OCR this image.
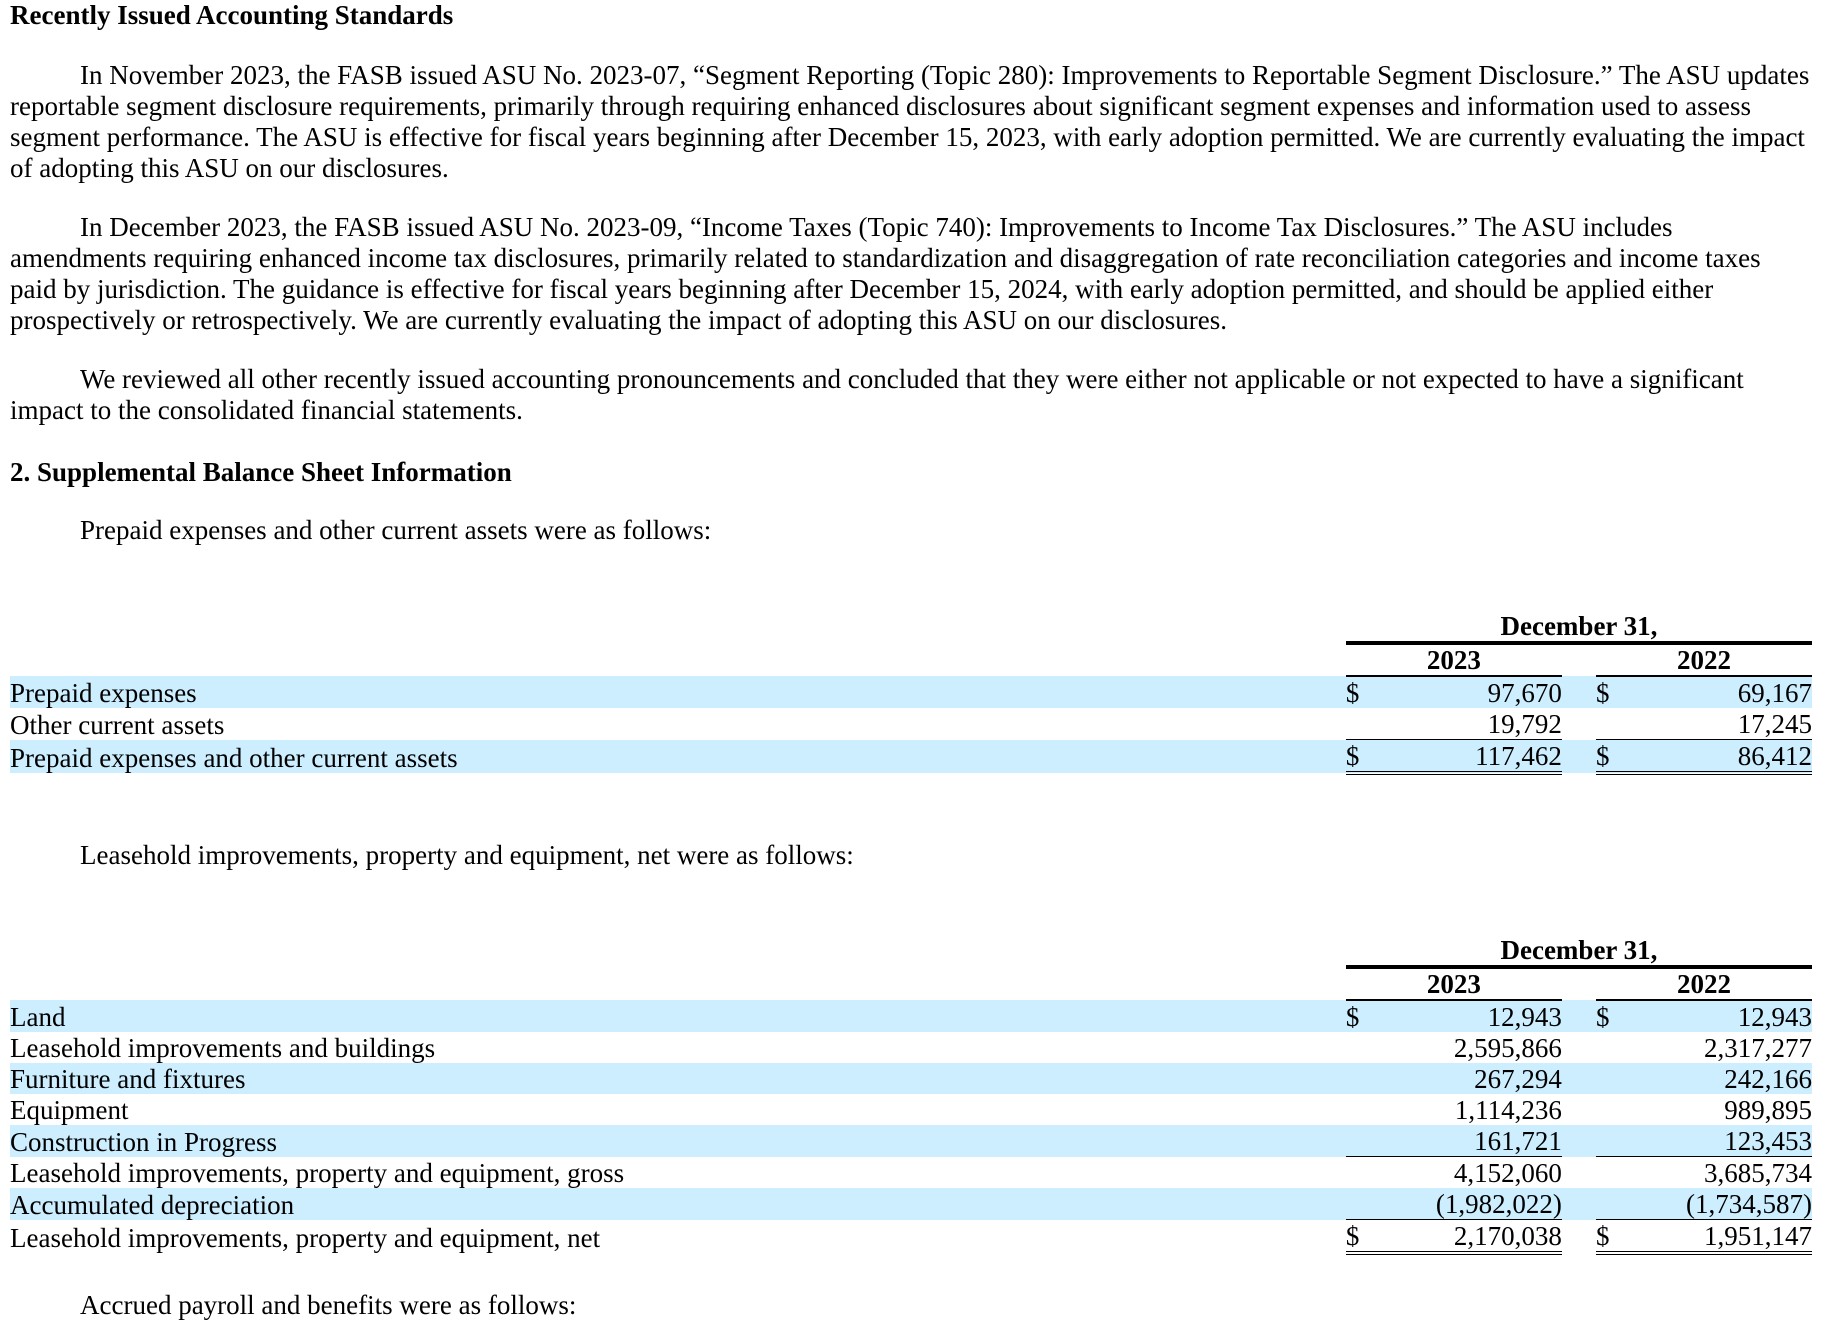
Recently Issued Accounting Standards

In November 2023, the FASB issued ASU No. 2023-07, “Segment Reporting (Topic 280): Improvements to Reportable Segment Disclosure.” The ASU updates reportable segment disclosure requirements, primarily through requiring enhanced disclosures about significant segment expenses and information used to assess segment performance. The ASU is effective for fiscal years beginning after December 15, 2023, with early adoption permitted. We are currently evaluating the impact of adopting this ASU on our disclosures.

In December 2023, the FASB issued ASU No. 2023-09, “Income Taxes (Topic 740): Improvements to Income Tax Disclosures.” The ASU includes amendments requiring enhanced income tax disclosures, primarily related to standardization and disaggregation of rate reconciliation categories and income taxes paid by jurisdiction. The guidance is effective for fiscal years beginning after December 15, 2024, with early adoption permitted, and should be applied either prospectively or retrospectively. We are currently evaluating the impact of adopting this ASU on our disclosures.

We reviewed all other recently issued accounting pronouncements and concluded that they were either not applicable or not expected to have a significant impact to the consolidated financial statements.

2. Supplemental Balance Sheet Information

Prepaid expenses and other current assets were as follows:

	December 31,				
	2023			2022	
Prepaid expenses	$	97,670		$	69,167
Other current assets		19,792			17,245
Prepaid expenses and other current assets	$	117,462		$	86,412

Leasehold improvements, property and equipment, net were as follows:

	December 31,				
	2023			2022	
Land	$	12,943		$	12,943
Leasehold improvements and buildings		2,595,866			2,317,277
Furniture and fixtures		267,294			242,166
Equipment		1,114,236			989,895
Construction in Progress		161,721			123,453
Leasehold improvements, property and equipment, gross		4,152,060			3,685,734
Accumulated depreciation		(1,982,022)			(1,734,587)
Leasehold improvements, property and equipment, net	$	2,170,038		$	1,951,147

Accrued payroll and benefits were as follows:
